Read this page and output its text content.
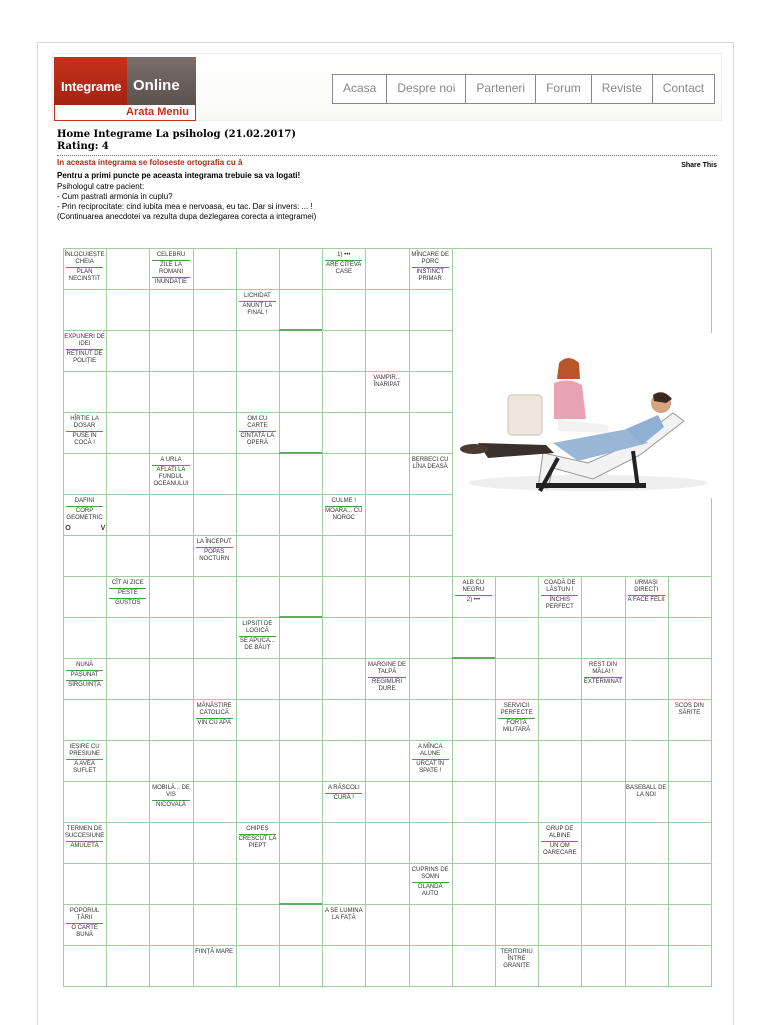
Integrame Online
Arata Meniu
Acasa	Despre noi	Parteneri	Forum	Reviste	Contact
Home Integrame La psiholog (21.02.2017)
Rating: 4
In aceasta integrama se foloseste ortografia cu â	Share This
Pentru a primi puncte pe aceasta integrama trebuie sa va logati!
Psihologul catre pacient:
- Cum pastrati armonia in cuplu?
- Prin reciprocitate: cind iubita mea e nervoasa, eu tac. Dar si invers: ... !
(Continuarea anecdotei va rezulta dupa dezlegarea corecta a integramei)
ÎNLOCUIEȘTE CHEIA
PLAN NECINSTIT
CELEBRU
ZILE LA ROMANI
INUNDAȚIE
1) •••
ARE CÎTEVA CASE
MÎNCARE DE PORC
INSTINCT PRIMAR
LICHIDAT
ANUNȚ LA FINAL !
EXPUNERI DE IDEI
REȚINUT DE POLIȚIE
VAMPIR... ÎNARIPAT
HÎRTIE LA DOSAR
PUSE ÎN COCĂ !
OM CU CARTE
CÎNTATĂ LA OPERĂ
A URLA
AFLATI LA FUNDUL OCEANULUI
BERBECI CU LÎNA DEASĂ
DAFINI
CORP GEOMETRIC
CULME !
MOARA... CU NOROC
LA ÎNCEPUT
POPAS NOCTURN
CÎT AI ZICE
PESTE
GUSTOS
ALB CU NEGRU
2) •••
COADĂ DE LĂSTUN !
ÎNCHIS PERFECT
URMAȘI DIRECȚI
A FACE FELII
LIPSIȚI DE LOGICĂ
SE APUCĂ... DE BĂUT
NUNĂ
PĂȘUNAT
SÎRGUINȚĂ
MARGINE DE TALPĂ
REGIMURI DURE
REST DIN MĂLAI !
EXTERMINAT
MĂNĂSTIRE CATOLICĂ
VIN CU APĂ
SERVICII PERFECTE
FORȚĂ MILITARĂ
SCOS DIN SĂRITE
IEȘIRE CU PRESIUNE
A AVEA SUFLET
A MÎNCA ALUNE
URCAT ÎN SPATE !
MOBILĂ... DE VIS
NICOVALĂ
A RĂSCOLI
CURĂ !
BASEBALL DE LA NOI
TERMEN DE SUCCESIUNE
AMULETĂ
CHIPEȘ
CRESCUT LA PIEPT
GRUP DE ALBINE
UN OM OARECARE
CUPRINS DE SOMN
OLANDA AUTO
POPORUL ȚĂRII
O CARTE BUNĂ
A SE LUMINA LA FAȚĂ
FIINȚĂ MARE	TERITORIU ÎNTRE GRANIȚE
O	V
